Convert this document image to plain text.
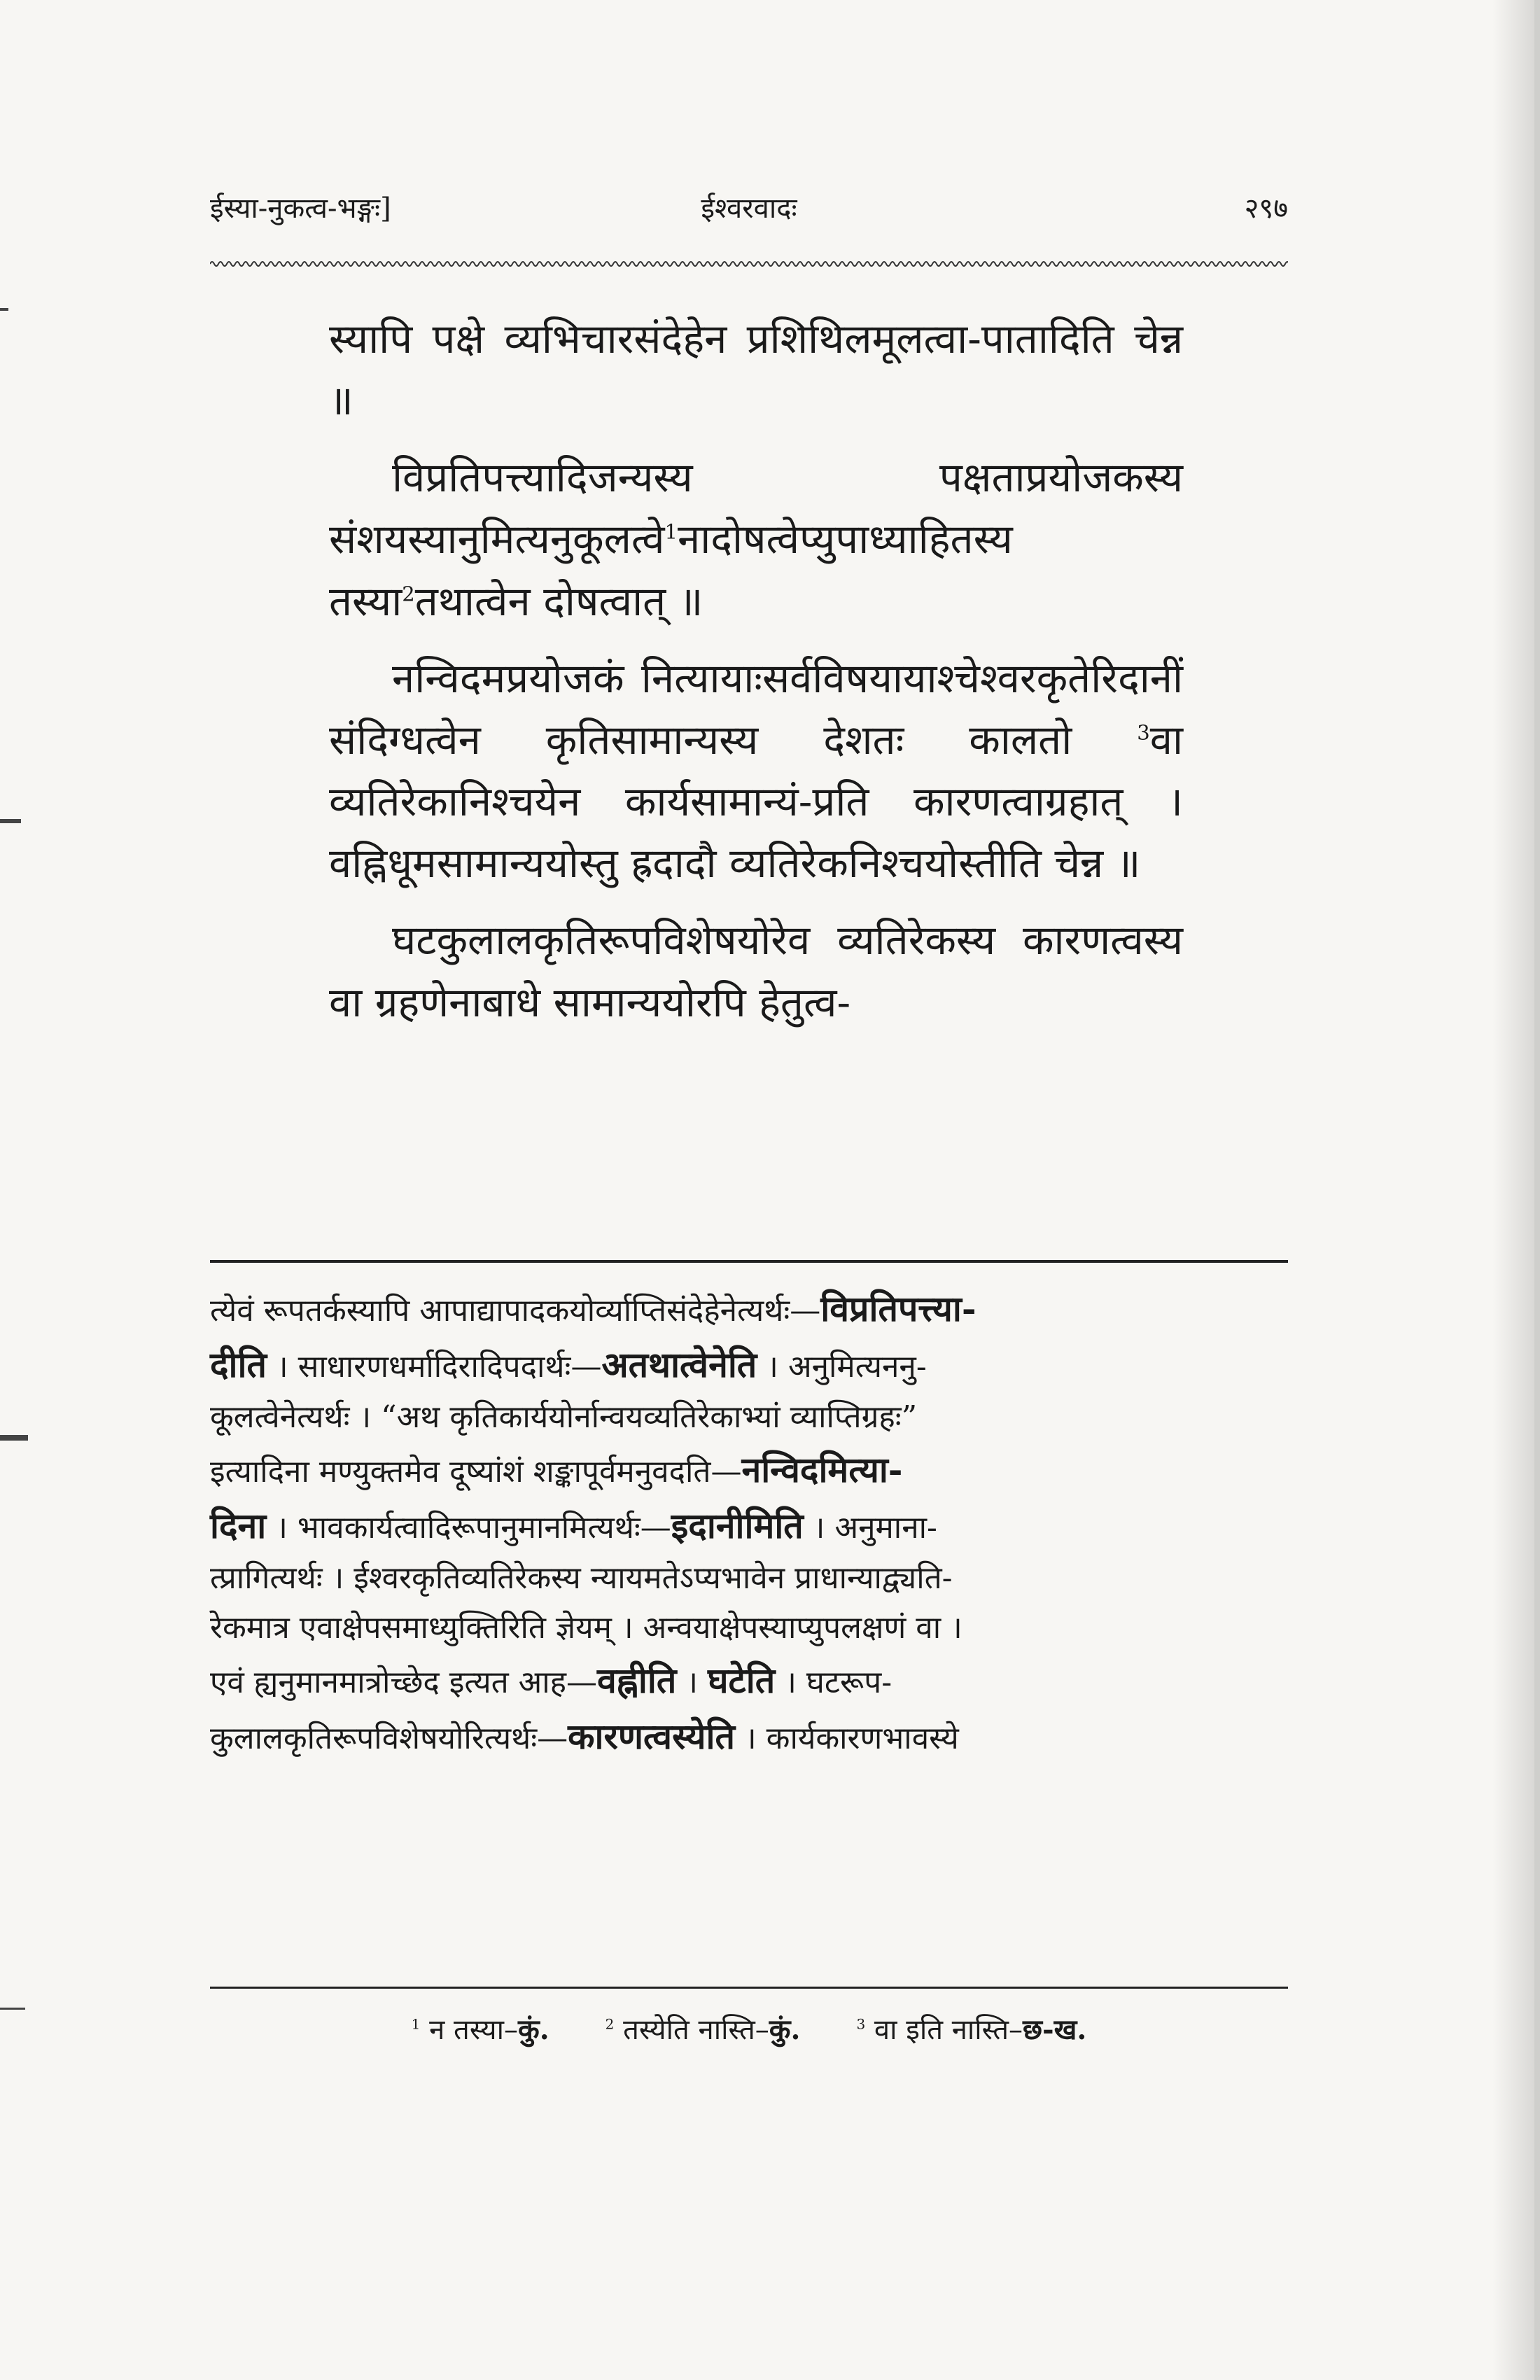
ईस्या-नुकत्व-भङ्गः]	ईश्वरवादः	२९७

स्यापि पक्षे व्यभिचारसंदेहेन प्रशिथिलमूलत्वा-पातादिति चेन्न ॥

विप्रतिपत्त्यादिजन्यस्य पक्षताप्रयोजकस्य संशयस्यानुमित्यनुकूलत्वे$^1$नादोषत्वेप्युपाध्याहितस्य तस्या$^2$तथात्वेन दोषत्वात् ॥

नन्विदमप्रयोजकं नित्यायाःसर्वविषयायाश्चेश्वरकृतेरिदानीं संदिग्धत्वेन कृतिसामान्यस्य देशतः कालतो	$^3$वा व्यतिरेकानिश्चयेन कार्यसामान्यं-प्रति कारणत्वाग्रहात् । वह्निधूमसामान्ययोस्तु ह्रदादौ व्यतिरेकनिश्चयोस्तीति चेन्न ॥

घटकुलालकृतिरूपविशेषयोरेव व्यतिरेकस्य कारणत्वस्य वा ग्रहणेनाबाधे सामान्ययोरपि हेतुत्व-

त्येवं रूपतर्कस्यापि आपाद्यापादकयोर्व्याप्तिसंदेहेनेत्यर्थः—विप्रतिपत्त्या-

दीति । साधारणधर्मादिरादिपदार्थः—अतथात्वेनेति । अनुमित्यननु-

कूलत्वेनेत्यर्थः । “अथ कृतिकार्ययोर्नान्वयव्यतिरेकाभ्यां व्याप्तिग्रहः”

इत्यादिना मण्युक्तमेव दूष्यांशं शङ्कापूर्वमनुवदति—नन्विदमित्या-

दिना । भावकार्यत्वादिरूपानुमानमित्यर्थः—इदानीमिति । अनुमाना-

त्प्रागित्यर्थः । ईश्वरकृतिव्यतिरेकस्य न्यायमतेऽप्यभावेन प्राधान्याद्व्यति-

रेकमात्र एवाक्षेपसमाध्युक्तिरिति ज्ञेयम् । अन्वयाक्षेपस्याप्युपलक्षणं वा ।

एवं ह्यनुमानमात्रोच्छेद इत्यत आह—वह्नीति । घटेति । घटरूप-

कुलालकृतिरूपविशेषयोरित्यर्थः—कारणत्वस्येति । कार्यकारणभावस्ये

$^1$ न तस्या–कुं.	$^2$ तस्येति नास्ति–कुं.	$^3$ वा इति नास्ति–छ-ख.
